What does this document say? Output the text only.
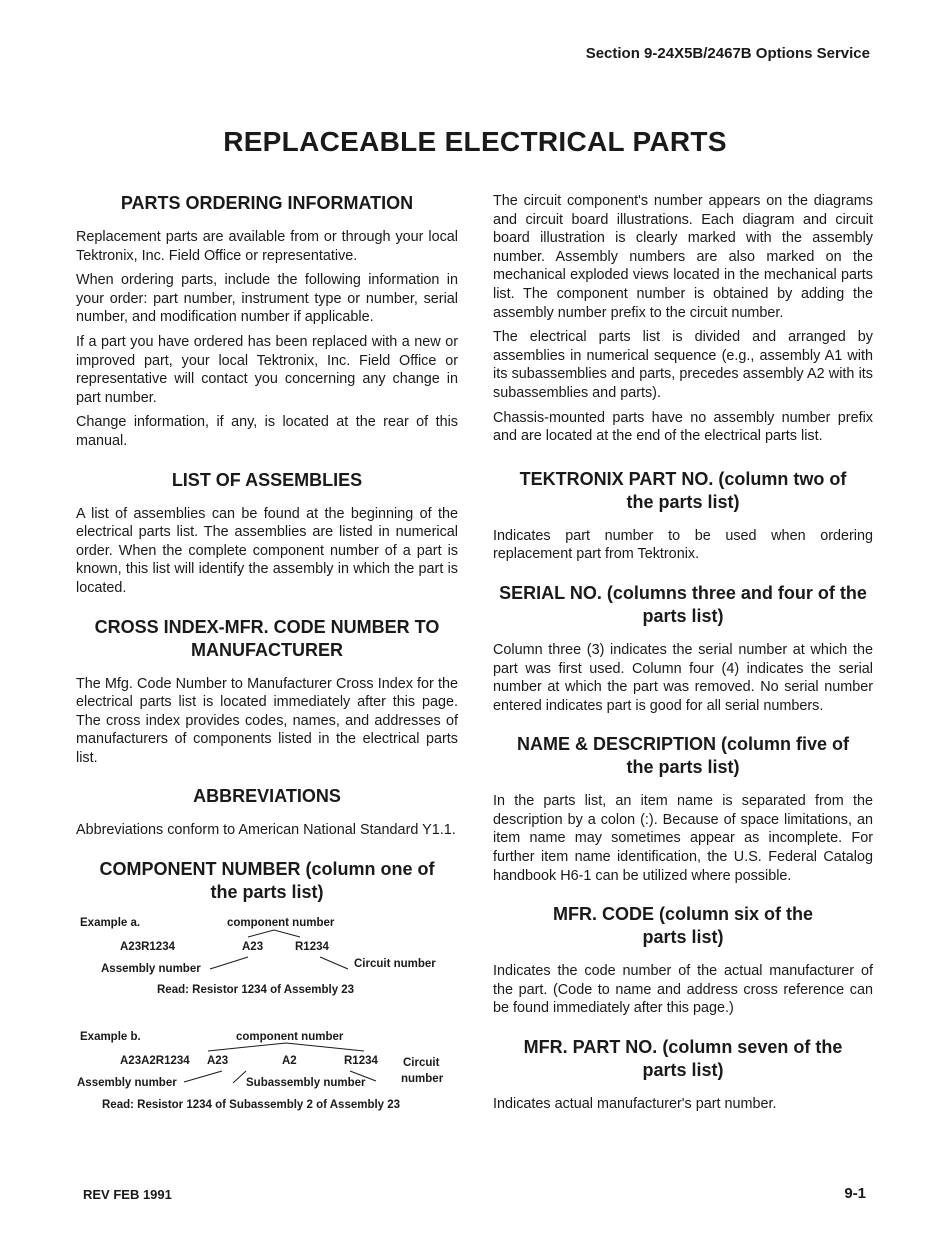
Section 9-24X5B/2467B Options Service
REPLACEABLE ELECTRICAL PARTS
PARTS ORDERING INFORMATION

Replacement parts are available from or through your local Tektronix, Inc. Field Office or representative.

When ordering parts, include the following information in your order: part number, instrument type or number, serial number, and modification number if applicable.

If a part you have ordered has been replaced with a new or improved part, your local Tektronix, Inc. Field Office or representative will contact you concerning any change in part number.

Change information, if any, is located at the rear of this manual.

LIST OF ASSEMBLIES

A list of assemblies can be found at the beginning of the electrical parts list. The assemblies are listed in numerical order. When the complete component number of a part is known, this list will identify the assembly in which the part is located.

CROSS INDEX-MFR. CODE NUMBER TO MANUFACTURER

The Mfg. Code Number to Manufacturer Cross Index for the electrical parts list is located immediately after this page. The cross index provides codes, names, and addresses of manufacturers of components listed in the electrical parts list.

ABBREVIATIONS

Abbreviations conform to American National Standard Y1.1.

COMPONENT NUMBER (column one of the parts list)
Example a.	component number
A23R1234	A23	R1234
Assembly number	Circuit number
Read: Resistor 1234 of Assembly 23
Example b.	component number
A23A2R1234 A23	A2	R1234 Circuit
Assembly number	Subassembly number	number
Read: Resistor 1234 of Subassembly 2 of Assembly 23

The circuit component's number appears on the diagrams and circuit board illustrations. Each diagram and circuit board illustration is clearly marked with the assembly number. Assembly numbers are also marked on the mechanical exploded views located in the mechanical parts list. The component number is obtained by adding the assembly number prefix to the circuit number.

The electrical parts list is divided and arranged by assemblies in numerical sequence (e.g., assembly A1 with its subassemblies and parts, precedes assembly A2 with its subassemblies and parts).

Chassis-mounted parts have no assembly number prefix and are located at the end of the electrical parts list.

TEKTRONIX PART NO. (column two of the parts list)

Indicates part number to be used when ordering replacement part from Tektronix.

SERIAL NO. (columns three and four of the parts list)

Column three (3) indicates the serial number at which the part was first used. Column four (4) indicates the serial number at which the part was removed. No serial number entered indicates part is good for all serial numbers.

NAME & DESCRIPTION (column five of the parts list)

In the parts list, an item name is separated from the description by a colon (:). Because of space limitations, an item name may sometimes appear as incomplete. For further item name identification, the U.S. Federal Catalog handbook H6-1 can be utilized where possible.

MFR. CODE (column six of the parts list)

Indicates the code number of the actual manufacturer of the part. (Code to name and address cross reference can be found immediately after this page.)

MFR. PART NO. (column seven of the parts list)

Indicates actual manufacturer's part number.

REV FEB 1991	9-1
